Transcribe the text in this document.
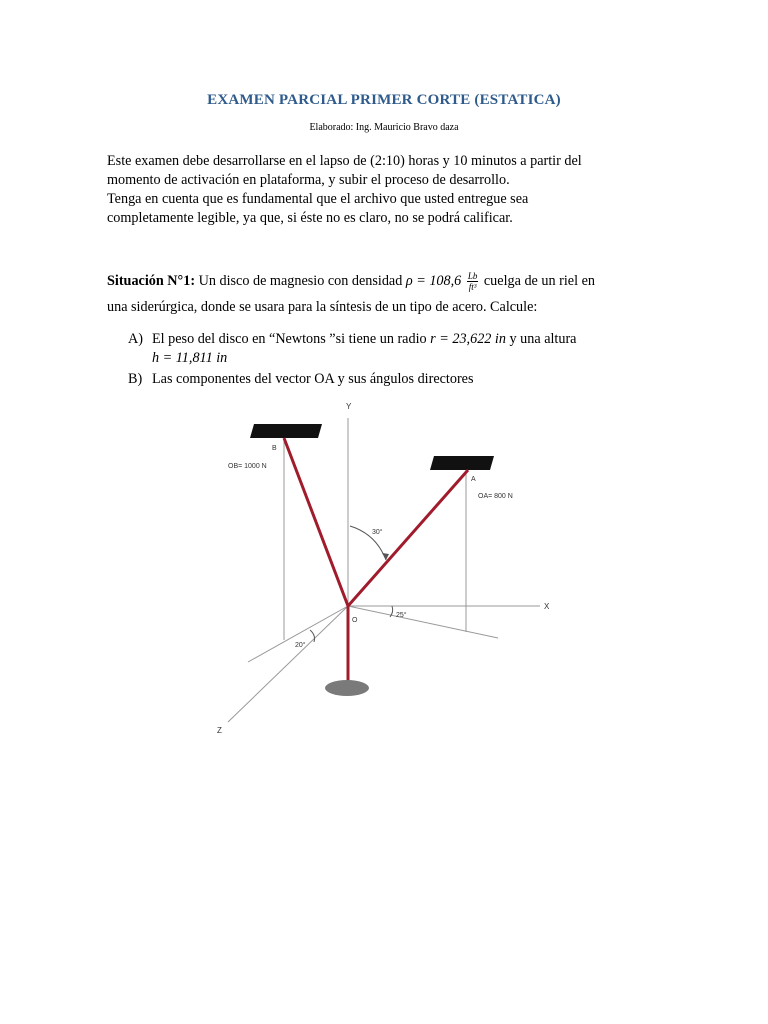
EXAMEN PARCIAL PRIMER CORTE (ESTATICA)
Elaborado: Ing. Mauricio Bravo daza

Este examen debe desarrollarse en el lapso de (2:10) horas y 10 minutos a partir del

momento de activación en plataforma, y subir el proceso de desarrollo.

Tenga en cuenta que es fundamental que el archivo que usted entregue sea

completamente legible, ya que, si éste no es claro, no se podrá calificar.

Situación N°1: Un disco de magnesio con densidad $\rho = 108,6 \frac{Lb}{\text{ft³}}$ cuelga de un riel en
una siderúrgica, donde se usara para la síntesis de un tipo de acero. Calcule:
A) El peso del disco en “Newtons ”si tiene un radio r = 23,622 in y una altura
h = 11,811 in
B) Las componentes del vector OA y sus ángulos directores
Y
X
Z
B
A
O
OB= 1000 N
OA= 800 N
30°
25°
20°
